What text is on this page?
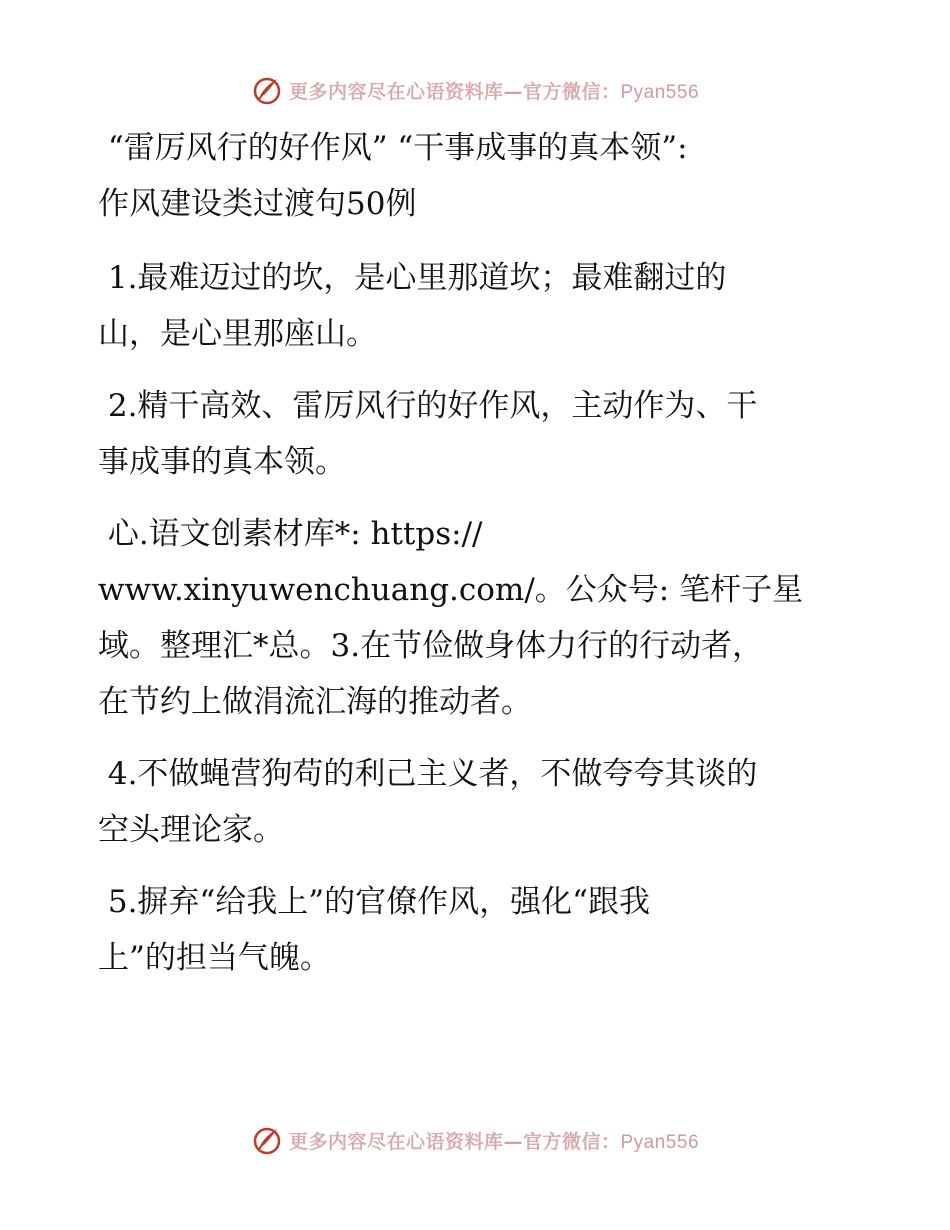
更多内容尽在心语资料库—官方微信：Pyan556
“雷厉风行的好作风” “干事成事的真本领”:
作风建设类过渡句50例
1.最难迈过的坎，是心里那道坎；最难翻过的
山，是心里那座山。
2.精干高效、雷厉风行的好作风，主动作为、干
事成事的真本领。
心.语文创素材库*: https://
www.xinyuwenchuang.com/。公众号: 笔杆子星
域。整理汇*总。3.在节俭做身体力行的行动者，
在节约上做涓流汇海的推动者。
4.不做蝇营狗苟的利己主义者，不做夸夸其谈的
空头理论家。
5.摒弃“给我上”的官僚作风，强化“跟我
上”的担当气魄。
更多内容尽在心语资料库—官方微信：Pyan556
